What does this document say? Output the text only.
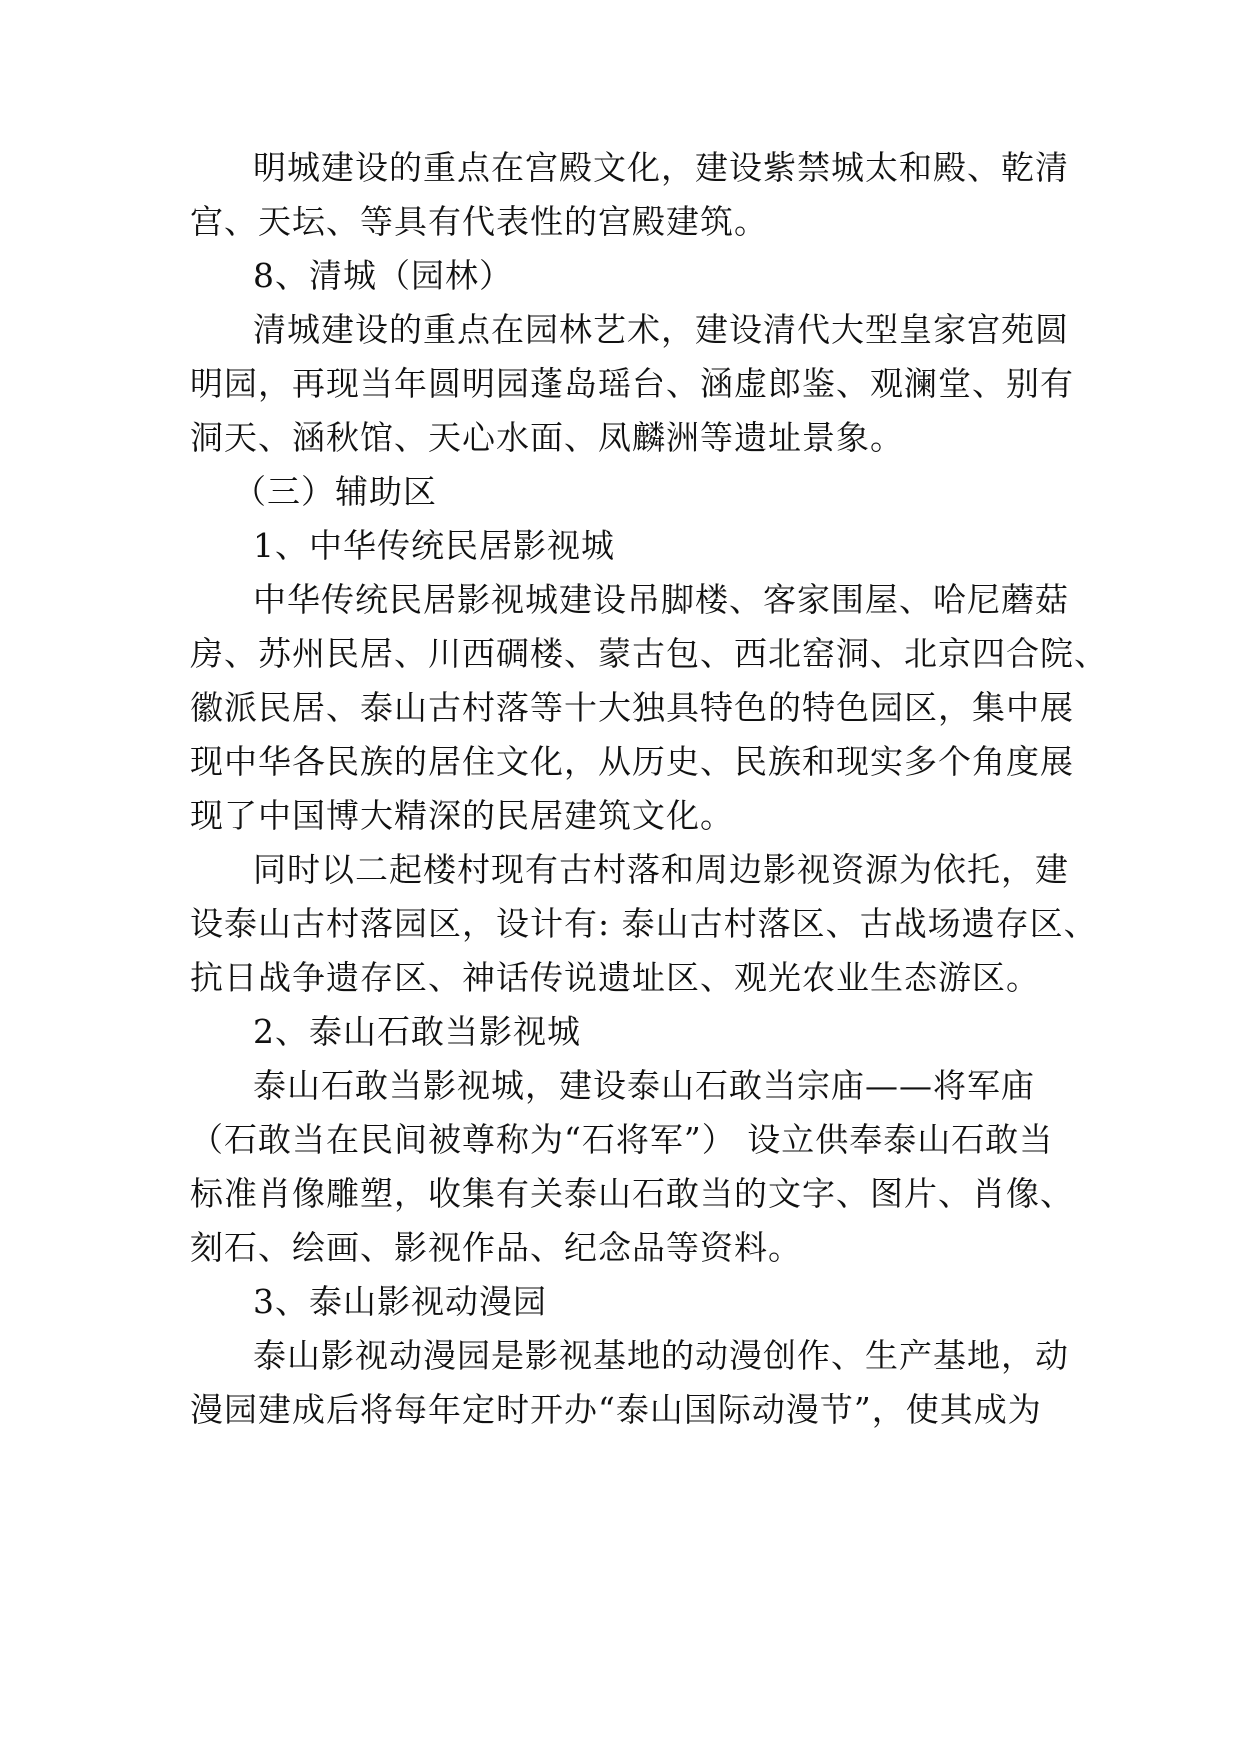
明城建设的重点在宫殿文化，建设紫禁城太和殿、乾清
宫、天坛、等具有代表性的宫殿建筑。
8、清城（园林）
清城建设的重点在园林艺术，建设清代大型皇家宫苑圆
明园，再现当年圆明园蓬岛瑶台、涵虚郎鉴、观澜堂、别有
洞天、涵秋馆、天心水面、凤麟洲等遗址景象。
（三）辅助区
1、中华传统民居影视城
中华传统民居影视城建设吊脚楼、客家围屋、哈尼蘑菇
房、苏州民居、川西碉楼、蒙古包、西北窑洞、北京四合院、
徽派民居、泰山古村落等十大独具特色的特色园区，集中展
现中华各民族的居住文化，从历史、民族和现实多个角度展
现了中国博大精深的民居建筑文化。
同时以二起楼村现有古村落和周边影视资源为依托，建
设泰山古村落园区，设计有: 泰山古村落区、古战场遗存区、
抗日战争遗存区、神话传说遗址区、观光农业生态游区。
2、泰山石敢当影视城
泰山石敢当影视城，建设泰山石敢当宗庙——将军庙
（石敢当在民间被尊称为“石将军”） 设立供奉泰山石敢当
标准肖像雕塑，收集有关泰山石敢当的文字、图片、肖像、
刻石、绘画、影视作品、纪念品等资料。
3、泰山影视动漫园
泰山影视动漫园是影视基地的动漫创作、生产基地，动
漫园建成后将每年定时开办“泰山国际动漫节”，使其成为
